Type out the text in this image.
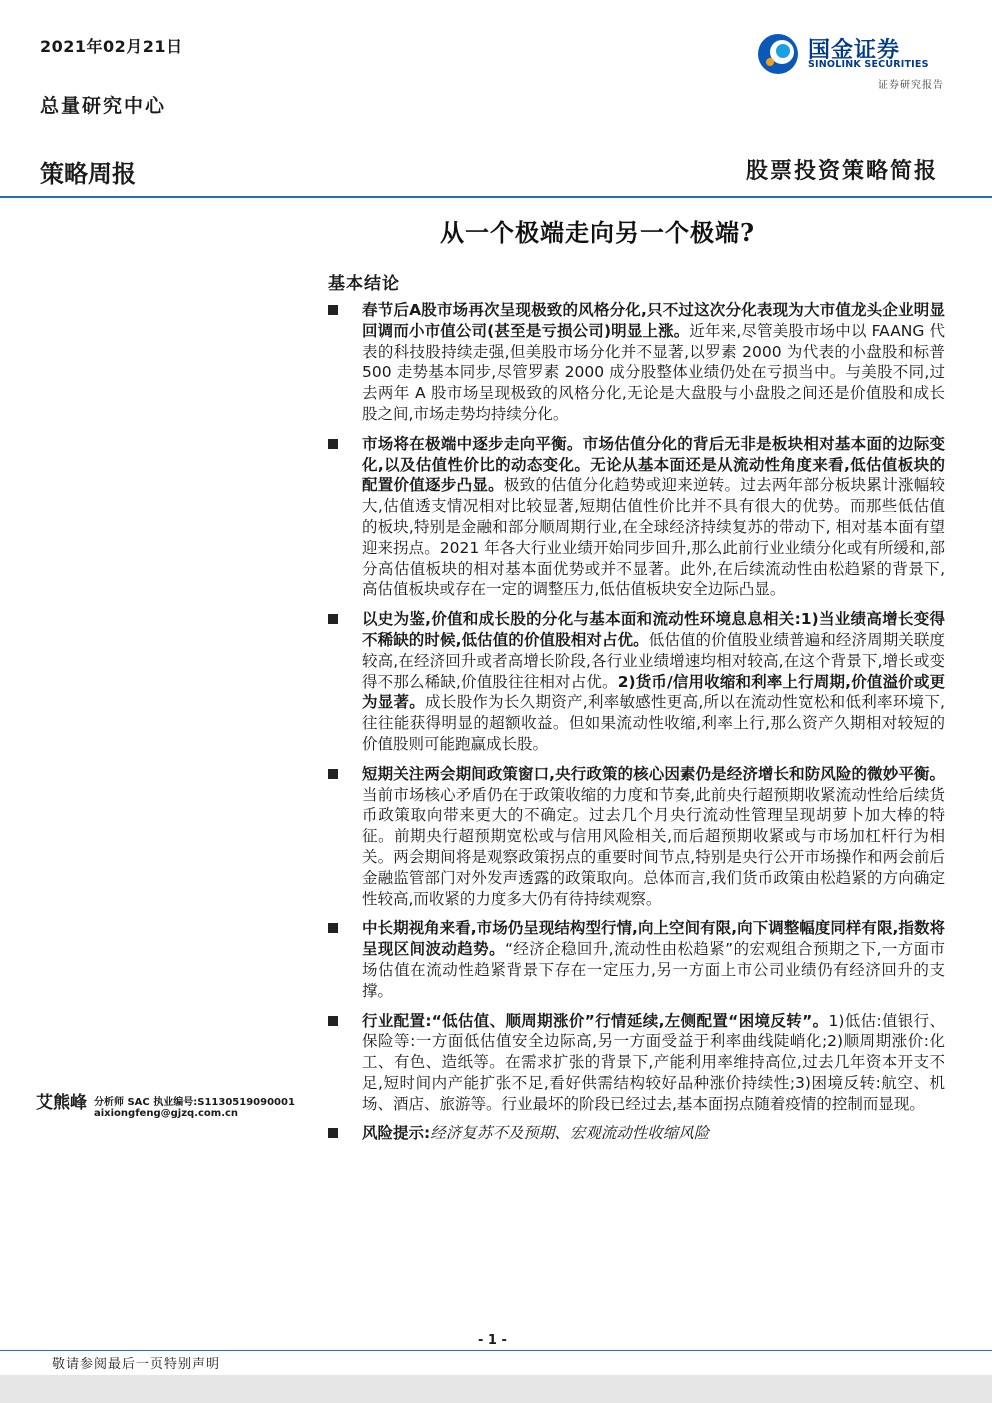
2021年02月21日
总量研究中心
国金证券
SINOLINK SECURITIES
证券研究报告
策略周报	股票投资策略简报
从一个极端走向另一个极端?
基本结论
春节后A股市场再次呈现极致的风格分化,只不过这次分化表现为大市值龙头企业明显回调而小市值公司(甚至是亏损公司)明显上涨。近年来,尽管美股市场中以 FAANG 代表的科技股持续走强,但美股市场分化并不显著,以罗素 2000 为代表的小盘股和标普 500 走势基本同步,尽管罗素 2000 成分股整体业绩仍处在亏损当中。与美股不同,过去两年 A 股市场呈现极致的风格分化,无论是大盘股与小盘股之间还是价值股和成长股之间,市场走势均持续分化。
市场将在极端中逐步走向平衡。市场估值分化的背后无非是板块相对基本面的边际变化,以及估值性价比的动态变化。无论从基本面还是从流动性角度来看,低估值板块的配置价值逐步凸显。极致的估值分化趋势或迎来逆转。过去两年部分板块累计涨幅较大,估值透支情况相对比较显著,短期估值性价比并不具有很大的优势。而那些低估值的板块,特别是金融和部分顺周期行业,在全球经济持续复苏的带动下, 相对基本面有望迎来拐点。2021 年各大行业业绩开始同步回升,那么此前行业业绩分化或有所缓和,部分高估值板块的相对基本面优势或并不显著。此外,在后续流动性由松趋紧的背景下,高估值板块或存在一定的调整压力,低估值板块安全边际凸显。
以史为鉴,价值和成长股的分化与基本面和流动性环境息息相关:1)当业绩高增长变得不稀缺的时候,低估值的价值股相对占优。低估值的价值股业绩普遍和经济周期关联度较高,在经济回升或者高增长阶段,各行业业绩增速均相对较高,在这个背景下,增长或变得不那么稀缺,价值股往往相对占优。2)货币/信用收缩和利率上行周期,价值溢价或更为显著。成长股作为长久期资产,利率敏感性更高,所以在流动性宽松和低利率环境下,往往能获得明显的超额收益。但如果流动性收缩,利率上行,那么资产久期相对较短的价值股则可能跑赢成长股。
短期关注两会期间政策窗口,央行政策的核心因素仍是经济增长和防风险的微妙平衡。当前市场核心矛盾仍在于政策收缩的力度和节奏,此前央行超预期收紧流动性给后续货币政策取向带来更大的不确定。过去几个月央行流动性管理呈现胡萝卜加大棒的特征。前期央行超预期宽松或与信用风险相关,而后超预期收紧或与市场加杠杆行为相关。两会期间将是观察政策拐点的重要时间节点,特别是央行公开市场操作和两会前后金融监管部门对外发声透露的政策取向。总体而言,我们货币政策由松趋紧的方向确定性较高,而收紧的力度多大仍有待持续观察。
中长期视角来看,市场仍呈现结构型行情,向上空间有限,向下调整幅度同样有限,指数将呈现区间波动趋势。“经济企稳回升,流动性由松趋紧”的宏观组合预期之下,一方面市场估值在流动性趋紧背景下存在一定压力,另一方面上市公司业绩仍有经济回升的支撑。
行业配置:“低估值、顺周期涨价”行情延续,左侧配置“困境反转”。1)低估:值银行、保险等:一方面低估值安全边际高,另一方面受益于利率曲线陡峭化;2)顺周期涨价:化工、有色、造纸等。在需求扩张的背景下,产能利用率维持高位,过去几年资本开支不足,短时间内产能扩张不足,看好供需结构较好品种涨价持续性;3)困境反转:航空、机场、酒店、旅游等。行业最坏的阶段已经过去,基本面拐点随着疫情的控制而显现。
风险提示:经济复苏不及预期、宏观流动性收缩风险
艾熊峰 分析师 SAC 执业编号:S1130519090001
aixiongfeng@gjzq.com.cn
- 1 -
敬请参阅最后一页特别声明
